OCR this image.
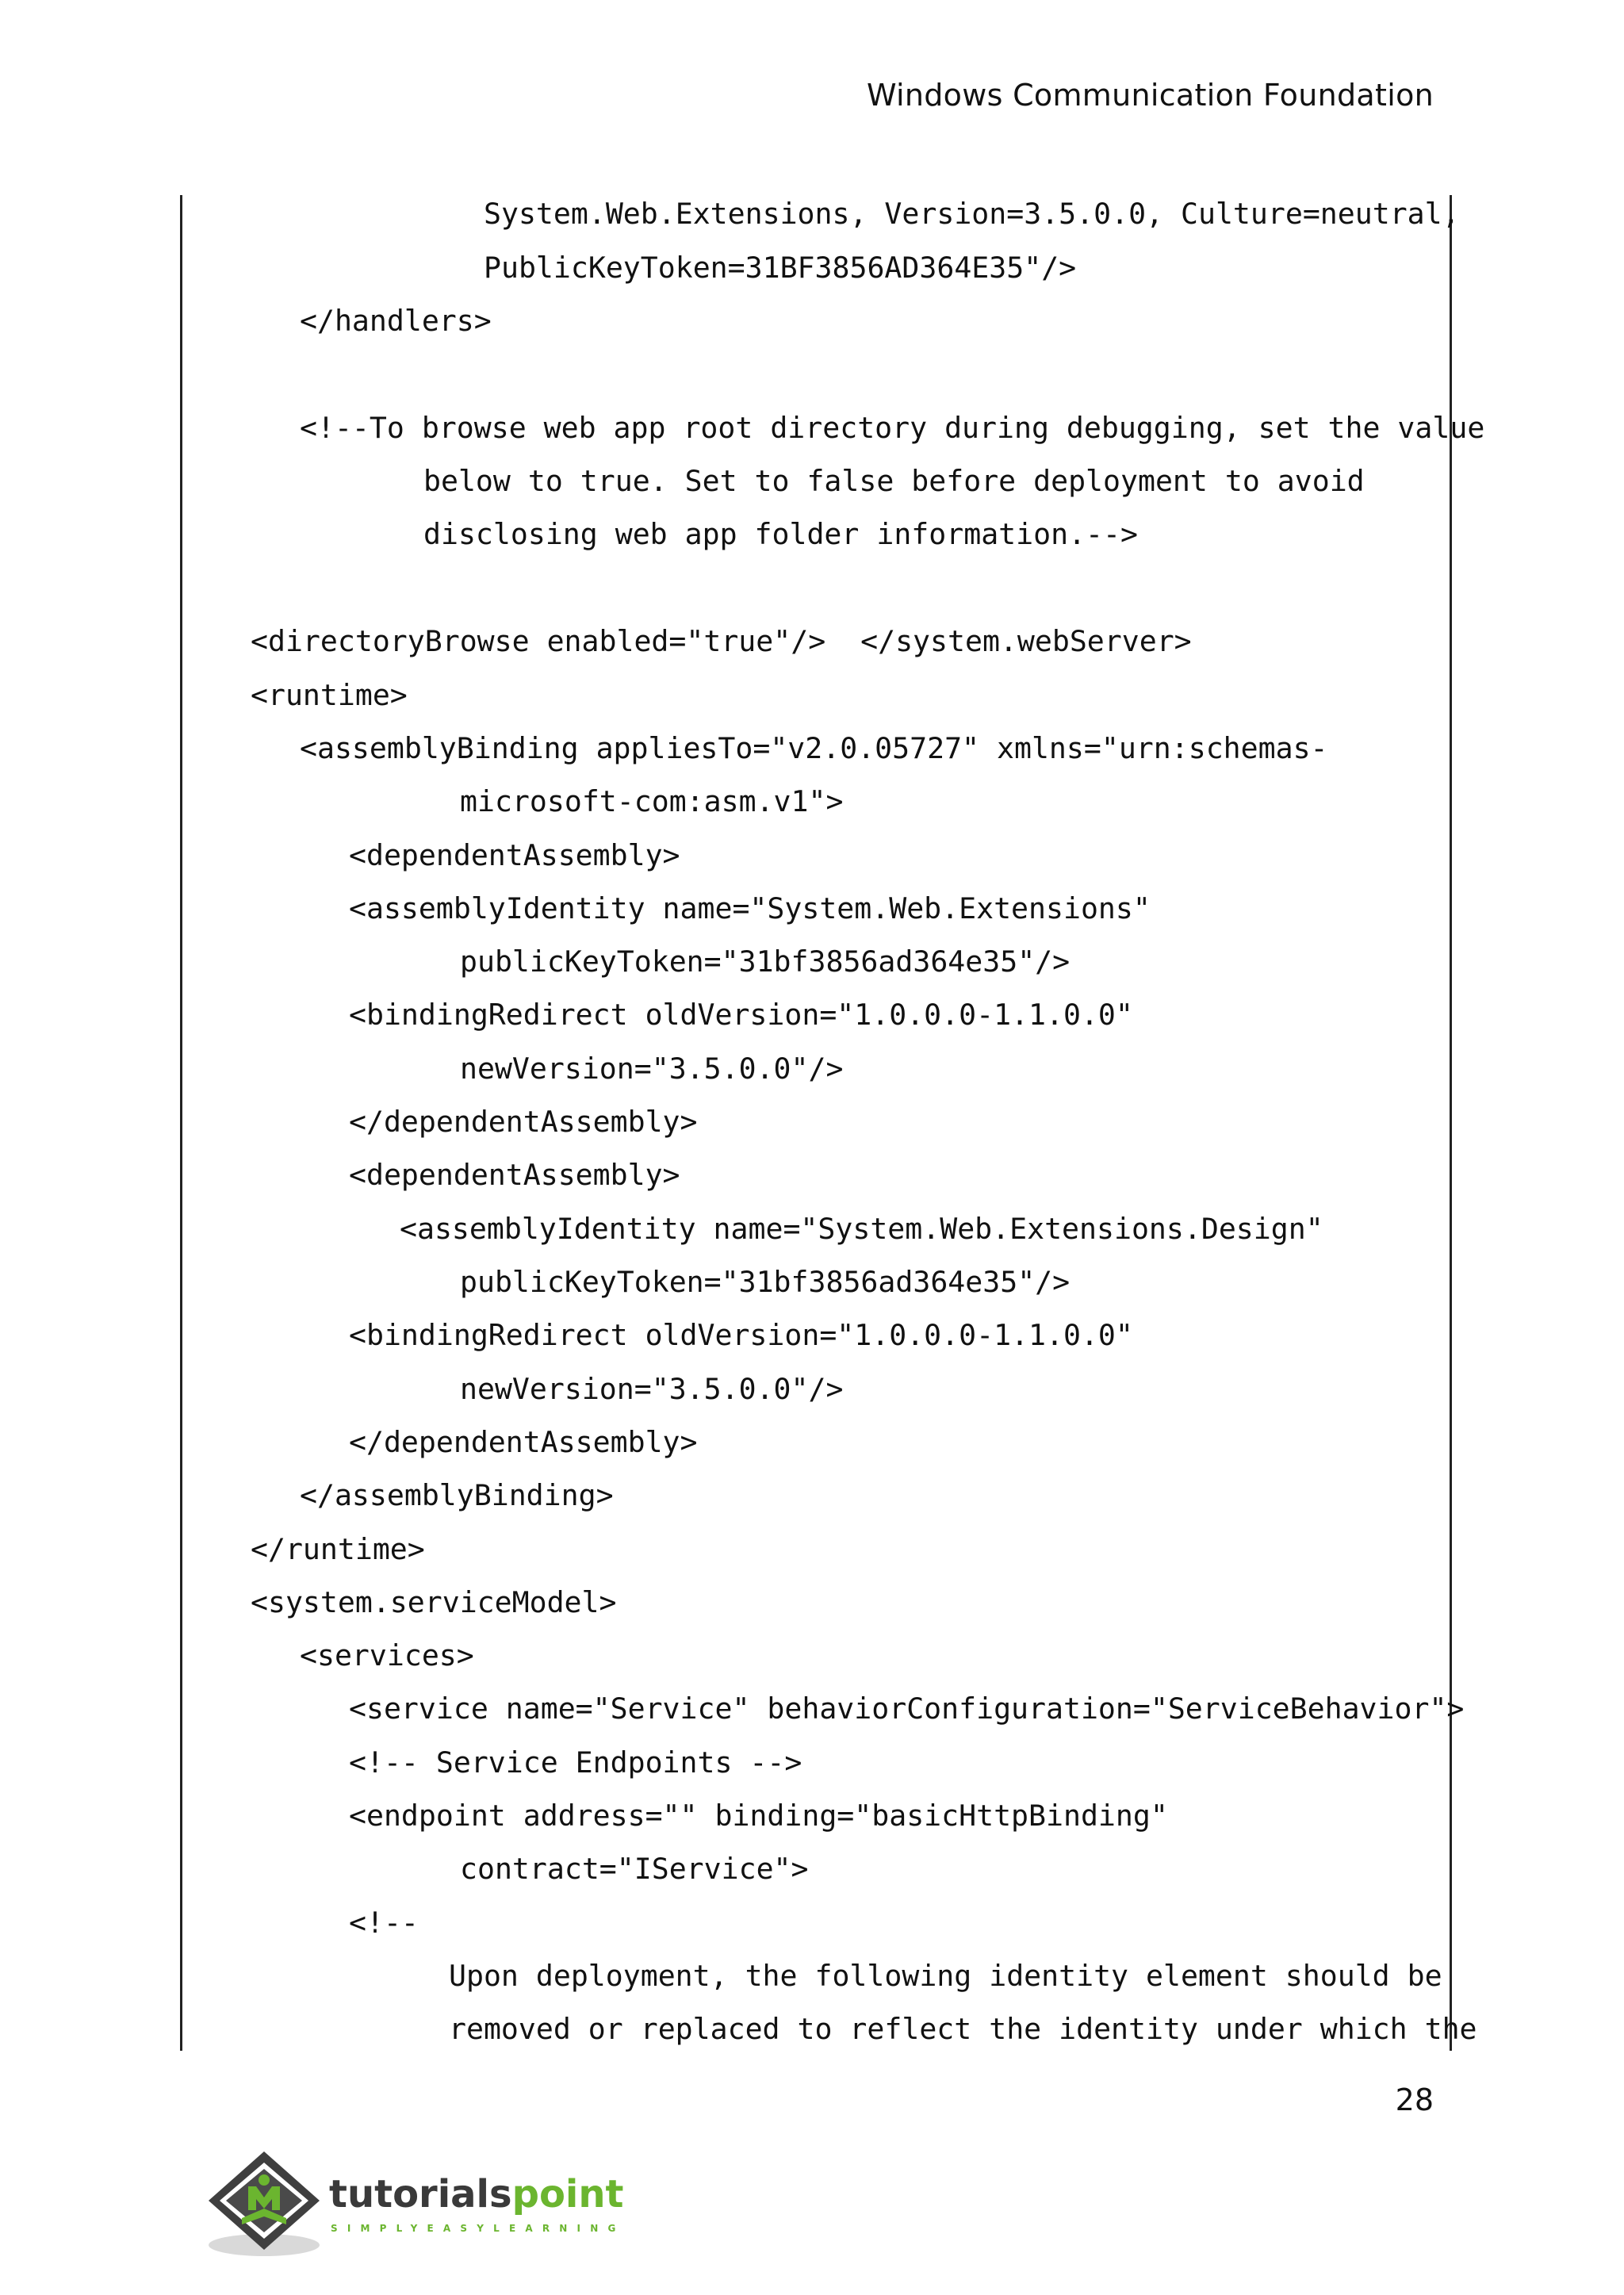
Windows Communication Foundation
System.Web.Extensions, Version=3.5.0.0, Culture=neutral,
PublicKeyToken=31BF3856AD364E35"/>
</handlers>
<!--To browse web app root directory during debugging, set the value
below to true. Set to false before deployment to avoid
disclosing web app folder information.-->
<directoryBrowse enabled="true"/>  </system.webServer>
<runtime>
<assemblyBinding appliesTo="v2.0.05727" xmlns="urn:schemas-
microsoft-com:asm.v1">
<dependentAssembly>
<assemblyIdentity name="System.Web.Extensions"
publicKeyToken="31bf3856ad364e35"/>
<bindingRedirect oldVersion="1.0.0.0-1.1.0.0"
newVersion="3.5.0.0"/>
</dependentAssembly>
<dependentAssembly>
<assemblyIdentity name="System.Web.Extensions.Design"
publicKeyToken="31bf3856ad364e35"/>
<bindingRedirect oldVersion="1.0.0.0-1.1.0.0"
newVersion="3.5.0.0"/>
</dependentAssembly>
</assemblyBinding>
</runtime>
<system.serviceModel>
<services>
<service name="Service" behaviorConfiguration="ServiceBehavior">
<!-- Service Endpoints -->
<endpoint address="" binding="basicHttpBinding"
contract="IService">
<!--
Upon deployment, the following identity element should be
removed or replaced to reflect the identity under which the
28
tutorialspoint
SIMPLYEASYLEARNING
